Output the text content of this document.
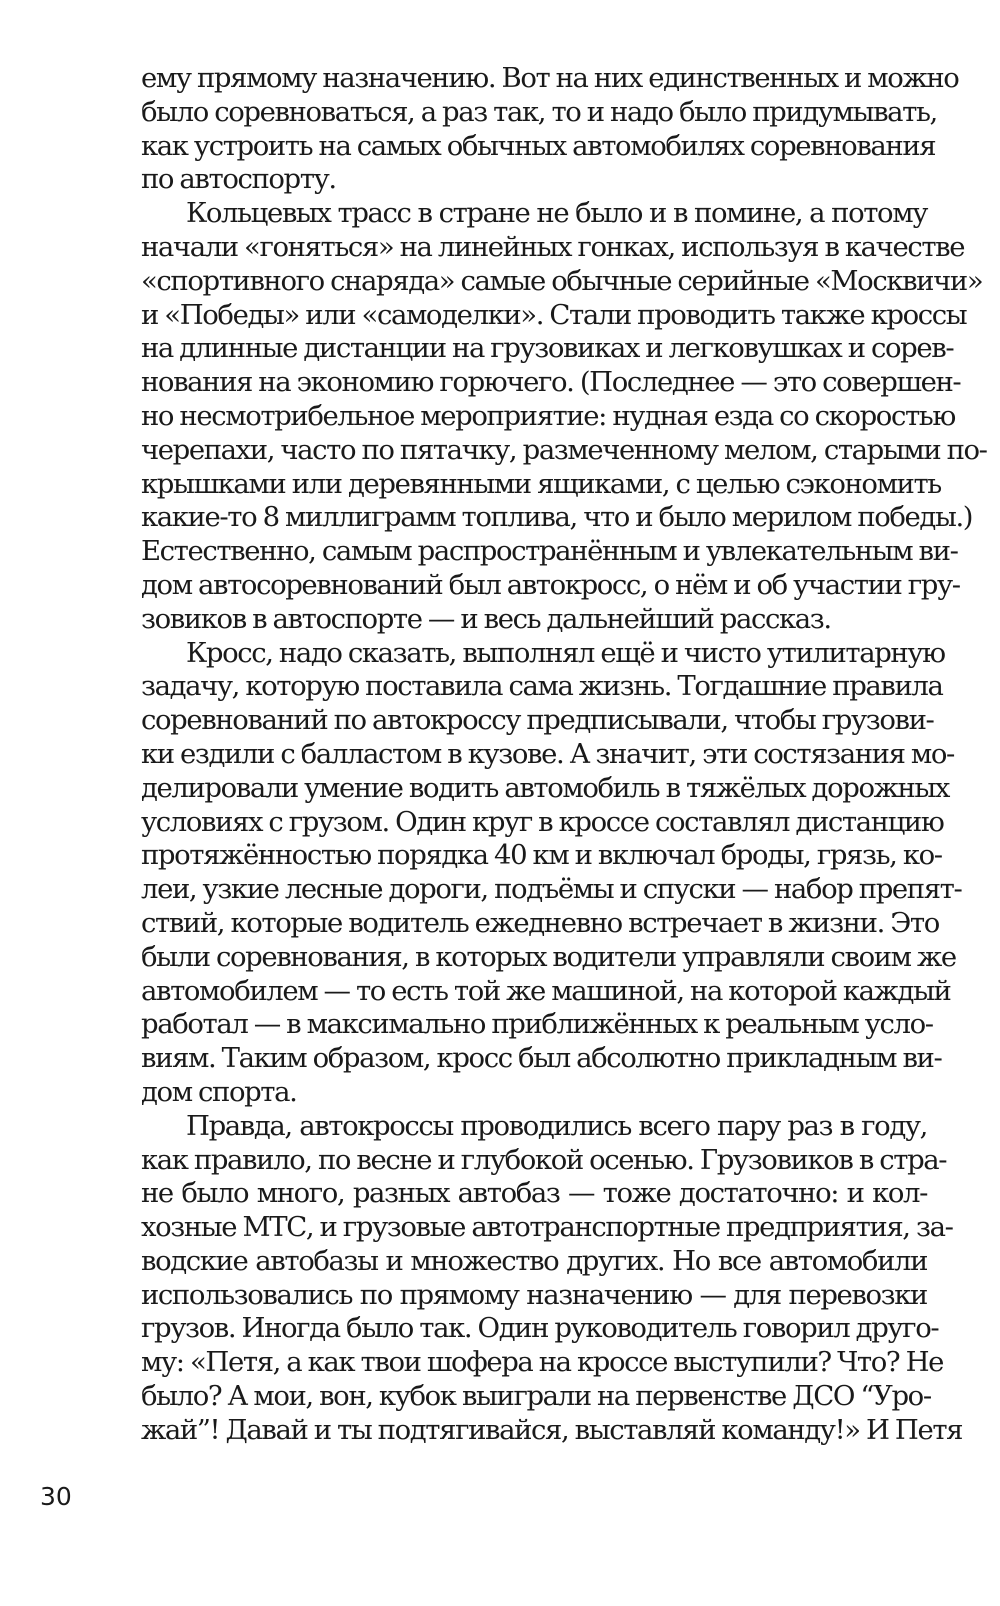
ему прямому назначению. Вот на них единственных и можно
было соревноваться, а раз так, то и надо было придумывать,
как устроить на самых обычных автомобилях соревнования
по автоспорту.
Кольцевых трасс в стране не было и в помине, а потому
начали «гоняться» на линейных гонках, используя в качестве
«спортивного снаряда» самые обычные серийные «Москвичи»
и «Победы» или «самоделки». Стали проводить также кроссы
на длинные дистанции на грузовиках и легковушках и сорев-
нования на экономию горючего. (Последнее — это совершен-
но несмотрибельное мероприятие: нудная езда со скоростью
черепахи, часто по пятачку, размеченному мелом, старыми по-
крышками или деревянными ящиками, с целью сэкономить
какие-то 8 миллиграмм топлива, что и было мерилом победы.)
Естественно, самым распространённым и увлекательным ви-
дом автосоревнований был автокросс, о нём и об участии гру-
зовиков в автоспорте — и весь дальнейший рассказ.
Кросс, надо сказать, выполнял ещё и чисто утилитарную
задачу, которую поставила сама жизнь. Тогдашние правила
соревнований по автокроссу предписывали, чтобы грузови-
ки ездили с балластом в кузове. А значит, эти состязания мо-
делировали умение водить автомобиль в тяжёлых дорожных
условиях с грузом. Один круг в кроссе составлял дистанцию
протяжённостью порядка 40 км и включал броды, грязь, ко-
леи, узкие лесные дороги, подъёмы и спуски — набор препят-
ствий, которые водитель ежедневно встречает в жизни. Это
были соревнования, в которых водители управляли своим же
автомобилем — то есть той же машиной, на которой каждый
работал — в максимально приближённых к реальным усло-
виям. Таким образом, кросс был абсолютно прикладным ви-
дом спорта.
Правда, автокроссы проводились всего пару раз в году,
как правило, по весне и глубокой осенью. Грузовиков в стра-
не было много, разных автобаз — тоже достаточно: и кол-
хозные МТС, и грузовые автотранспортные предприятия, за-
водские автобазы и множество других. Но все автомобили
использовались по прямому назначению — для перевозки
грузов. Иногда было так. Один руководитель говорил друго-
му: «Петя, а как твои шофера на кроссе выступили? Что? Не
было? А мои, вон, кубок выиграли на первенстве ДСО “Уро-
жай”! Давай и ты подтягивайся, выставляй команду!» И Петя
30
